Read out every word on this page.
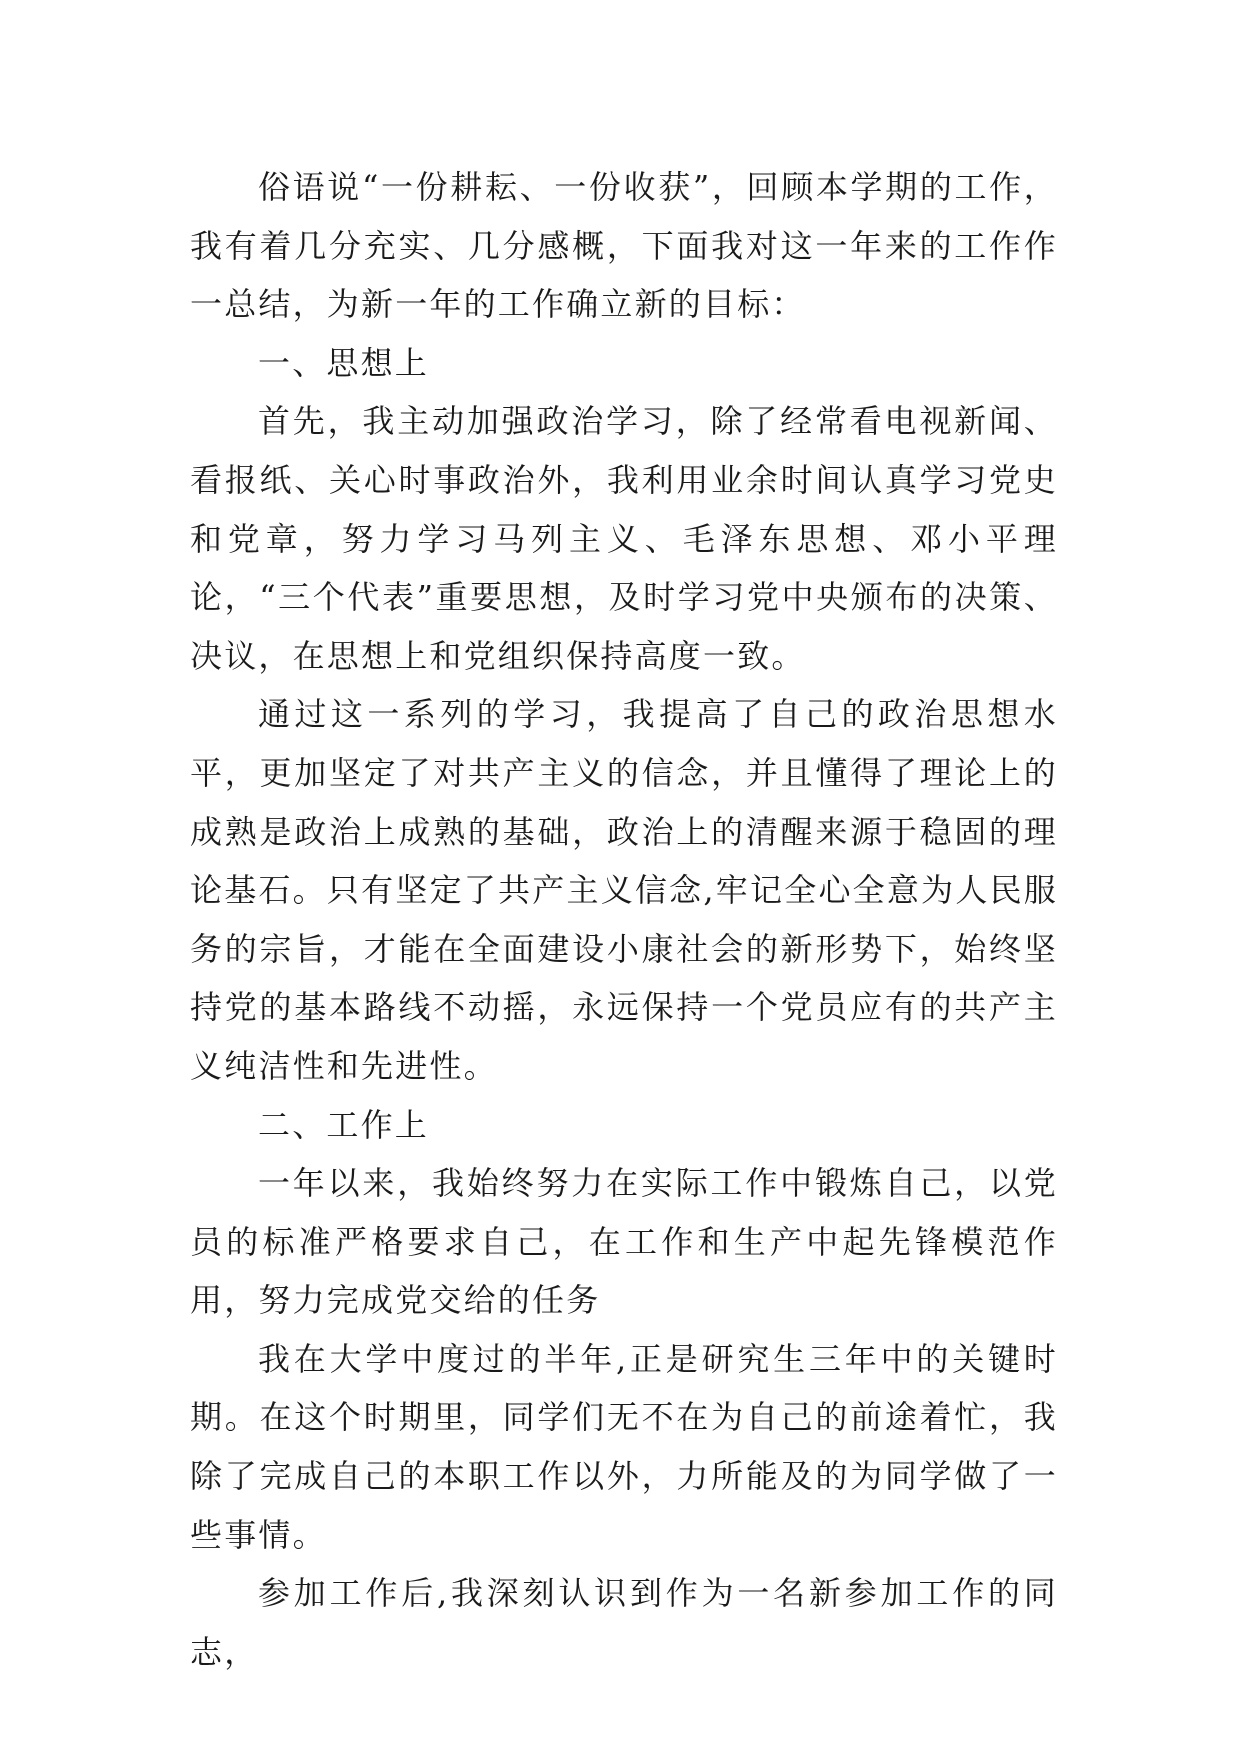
俗语说“一份耕耘、一份收获”，回顾本学期的工作，我有着几分充实、几分感概，下面我对这一年来的工作作一总结，为新一年的工作确立新的目标：

一、思想上

首先，我主动加强政治学习，除了经常看电视新闻、看报纸、关心时事政治外，我利用业余时间认真学习党史和党章，努力学习马列主义、毛泽东思想、邓小平理论，“三个代表”重要思想，及时学习党中央颁布的决策、决议，在思想上和党组织保持高度一致。

通过这一系列的学习，我提高了自己的政治思想水平，更加坚定了对共产主义的信念，并且懂得了理论上的成熟是政治上成熟的基础，政治上的清醒来源于稳固的理论基石。只有坚定了共产主义信念,牢记全心全意为人民服务的宗旨，才能在全面建设小康社会的新形势下，始终坚持党的基本路线不动摇，永远保持一个党员应有的共产主义纯洁性和先进性。

二、工作上

一年以来，我始终努力在实际工作中锻炼自己，以党员的标准严格要求自己，在工作和生产中起先锋模范作用，努力完成党交给的任务

我在大学中度过的半年,正是研究生三年中的关键时期。在这个时期里，同学们无不在为自己的前途着忙，我除了完成自己的本职工作以外，力所能及的为同学做了一些事情。

参加工作后,我深刻认识到作为一名新参加工作的同志，
